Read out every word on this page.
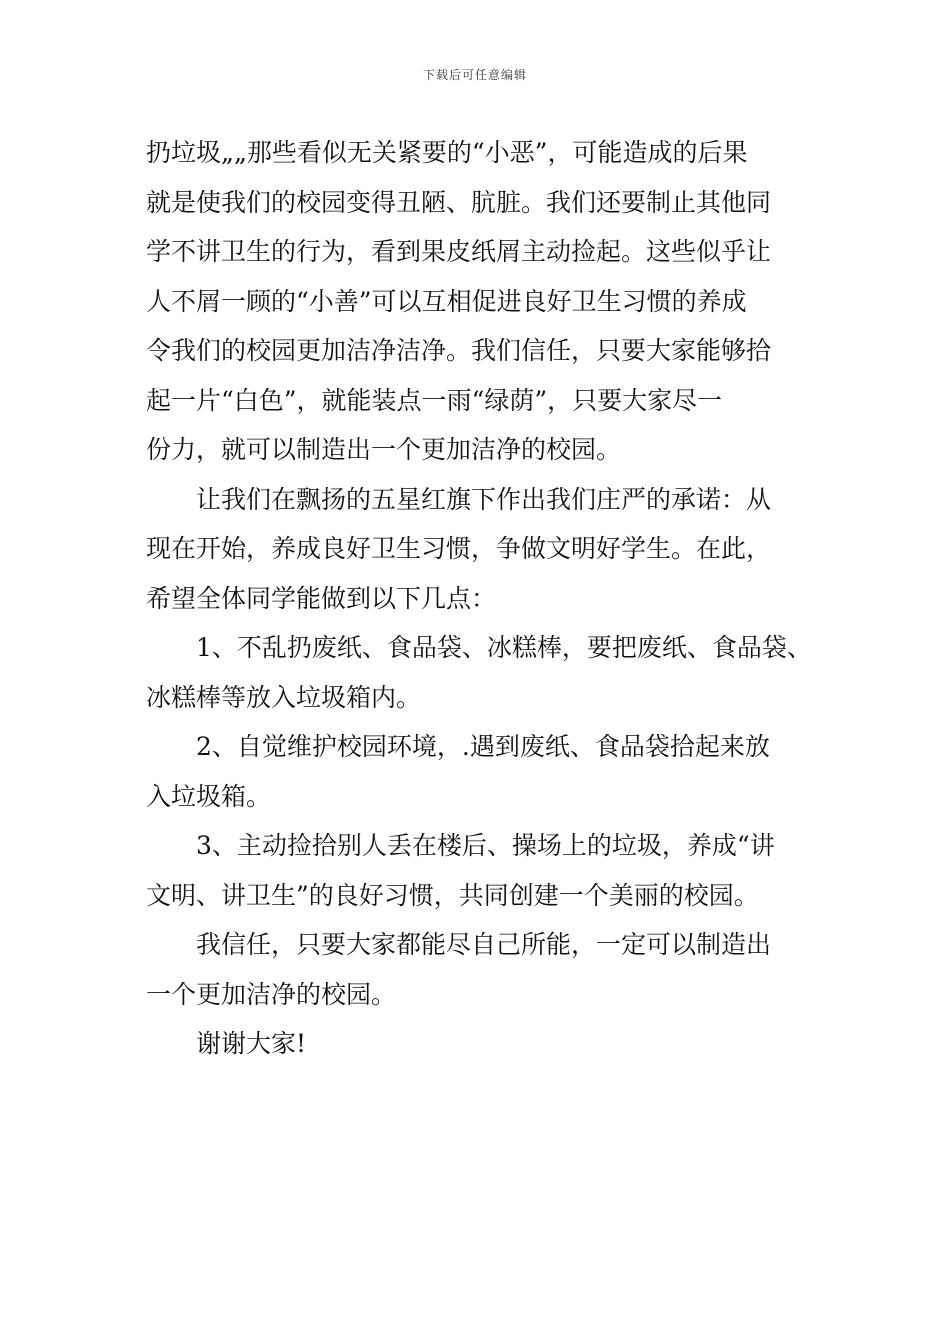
下载后可任意编辑
扔垃圾„„那些看似无关紧要的“小恶”，可能造成的后果
就是使我们的校园变得丑陋、肮脏。我们还要制止其他同
学不讲卫生的行为，看到果皮纸屑主动捡起。这些似乎让
人不屑一顾的“小善”可以互相促进良好卫生习惯的养成
令我们的校园更加洁净洁净。我们信任，只要大家能够拾
起一片“白色”，就能装点一雨“绿荫”，只要大家尽一
份力，就可以制造出一个更加洁净的校园。
让我们在飘扬的五星红旗下作出我们庄严的承诺：从
现在开始，养成良好卫生习惯，争做文明好学生。在此，
希望全体同学能做到以下几点：
1、不乱扔废纸、食品袋、冰糕棒，要把废纸、食品袋、
冰糕棒等放入垃圾箱内。
2、自觉维护校园环境，.遇到废纸、食品袋拾起来放
入垃圾箱。
3、主动捡拾别人丢在楼后、操场上的垃圾，养成“讲
文明、讲卫生”的良好习惯，共同创建一个美丽的校园。
我信任，只要大家都能尽自己所能，一定可以制造出
一个更加洁净的校园。
谢谢大家!
